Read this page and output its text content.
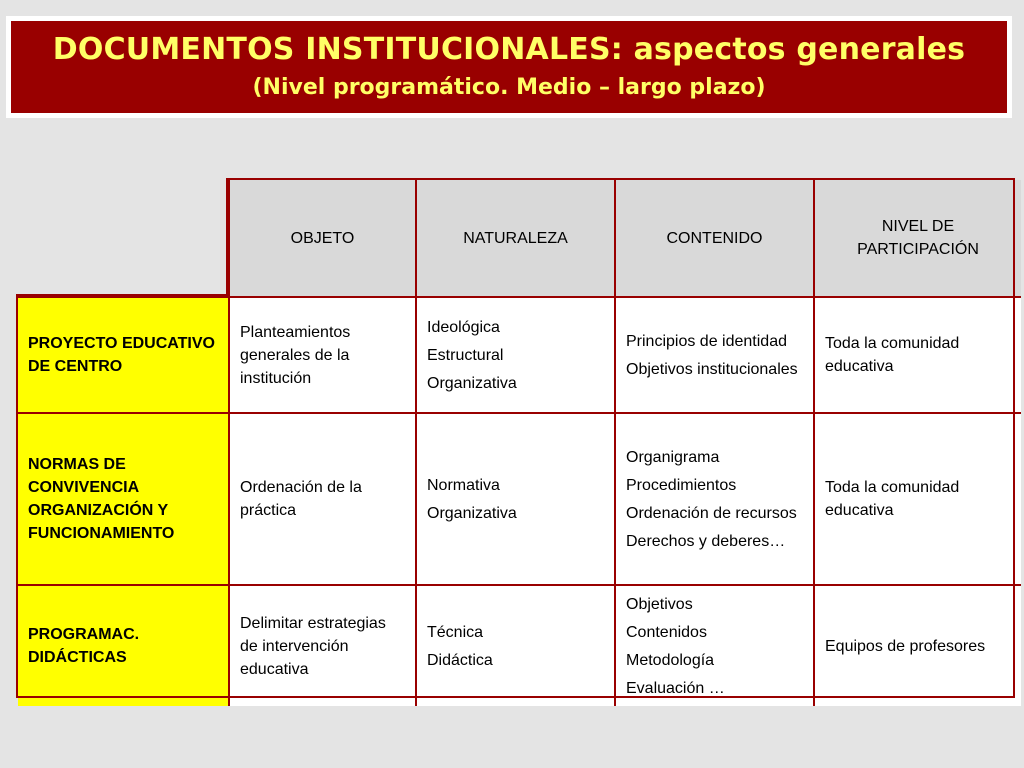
DOCUMENTOS INSTITUCIONALES: aspectos generales
(Nivel programático. Medio – largo plazo)
OBJETO	NATURALEZA	CONTENIDO
NIVEL DE PARTICIPACIÓN
PROYECTO EDUCATIVO DE CENTRO

Planteamientos generales de la institución

Ideológica

Estructural

Organizativa

Principios de identidad

Objetivos institucionales

Toda la comunidad educativa

NORMAS DE CONVIVENCIA ORGANIZACIÓN Y FUNCIONAMIENTO

Ordenación de la práctica

Normativa

Organizativa

Organigrama

Procedimientos

Ordenación de recursos

Derechos y deberes…

Toda la comunidad educativa

PROGRAMAC. DIDÁCTICAS

Delimitar estrategias de intervención educativa

Técnica

Didáctica

Objetivos

Contenidos

Metodología

Evaluación …

Equipos de profesores
